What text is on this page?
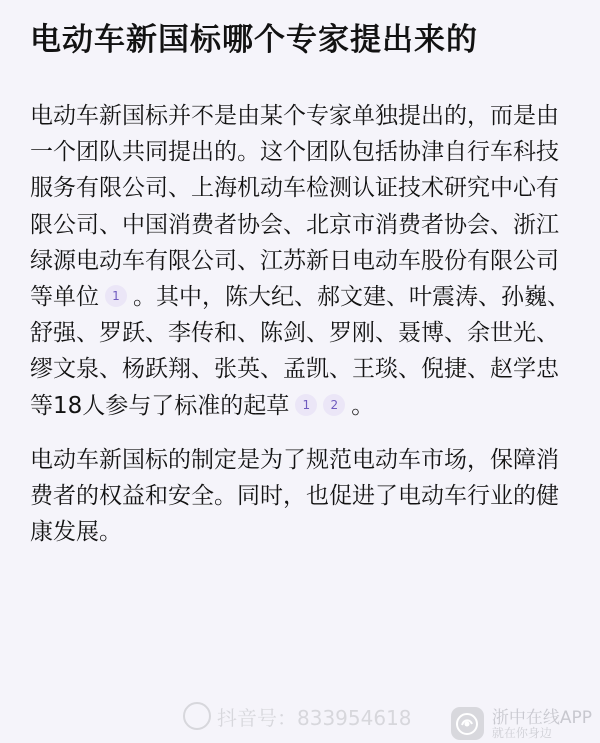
电动车新国标哪个专家提出来的

电动车新国标并不是由某个专家单独提出的，而是由一个团队共同提出的。这个团队包括协津自行车科技服务有限公司、上海机动车检测认证技术研究中心有限公司、中国消费者协会、北京市消费者协会、浙江绿源电动车有限公司、江苏新日电动车股份有限公司等单位 1 。其中，陈大纪、郝文建、叶震涛、孙巍、舒强、罗跃、李传和、陈剑、罗刚、聂博、余世光、缪文泉、杨跃翔、张英、孟凯、王琰、倪捷、赵学忠等18人参与了标准的起草 1 2 。

电动车新国标的制定是为了规范电动车市场，保障消费者的权益和安全。同时，也促进了电动车行业的健康发展。

抖音号：833954618	浙中在线APP
就在你身边
